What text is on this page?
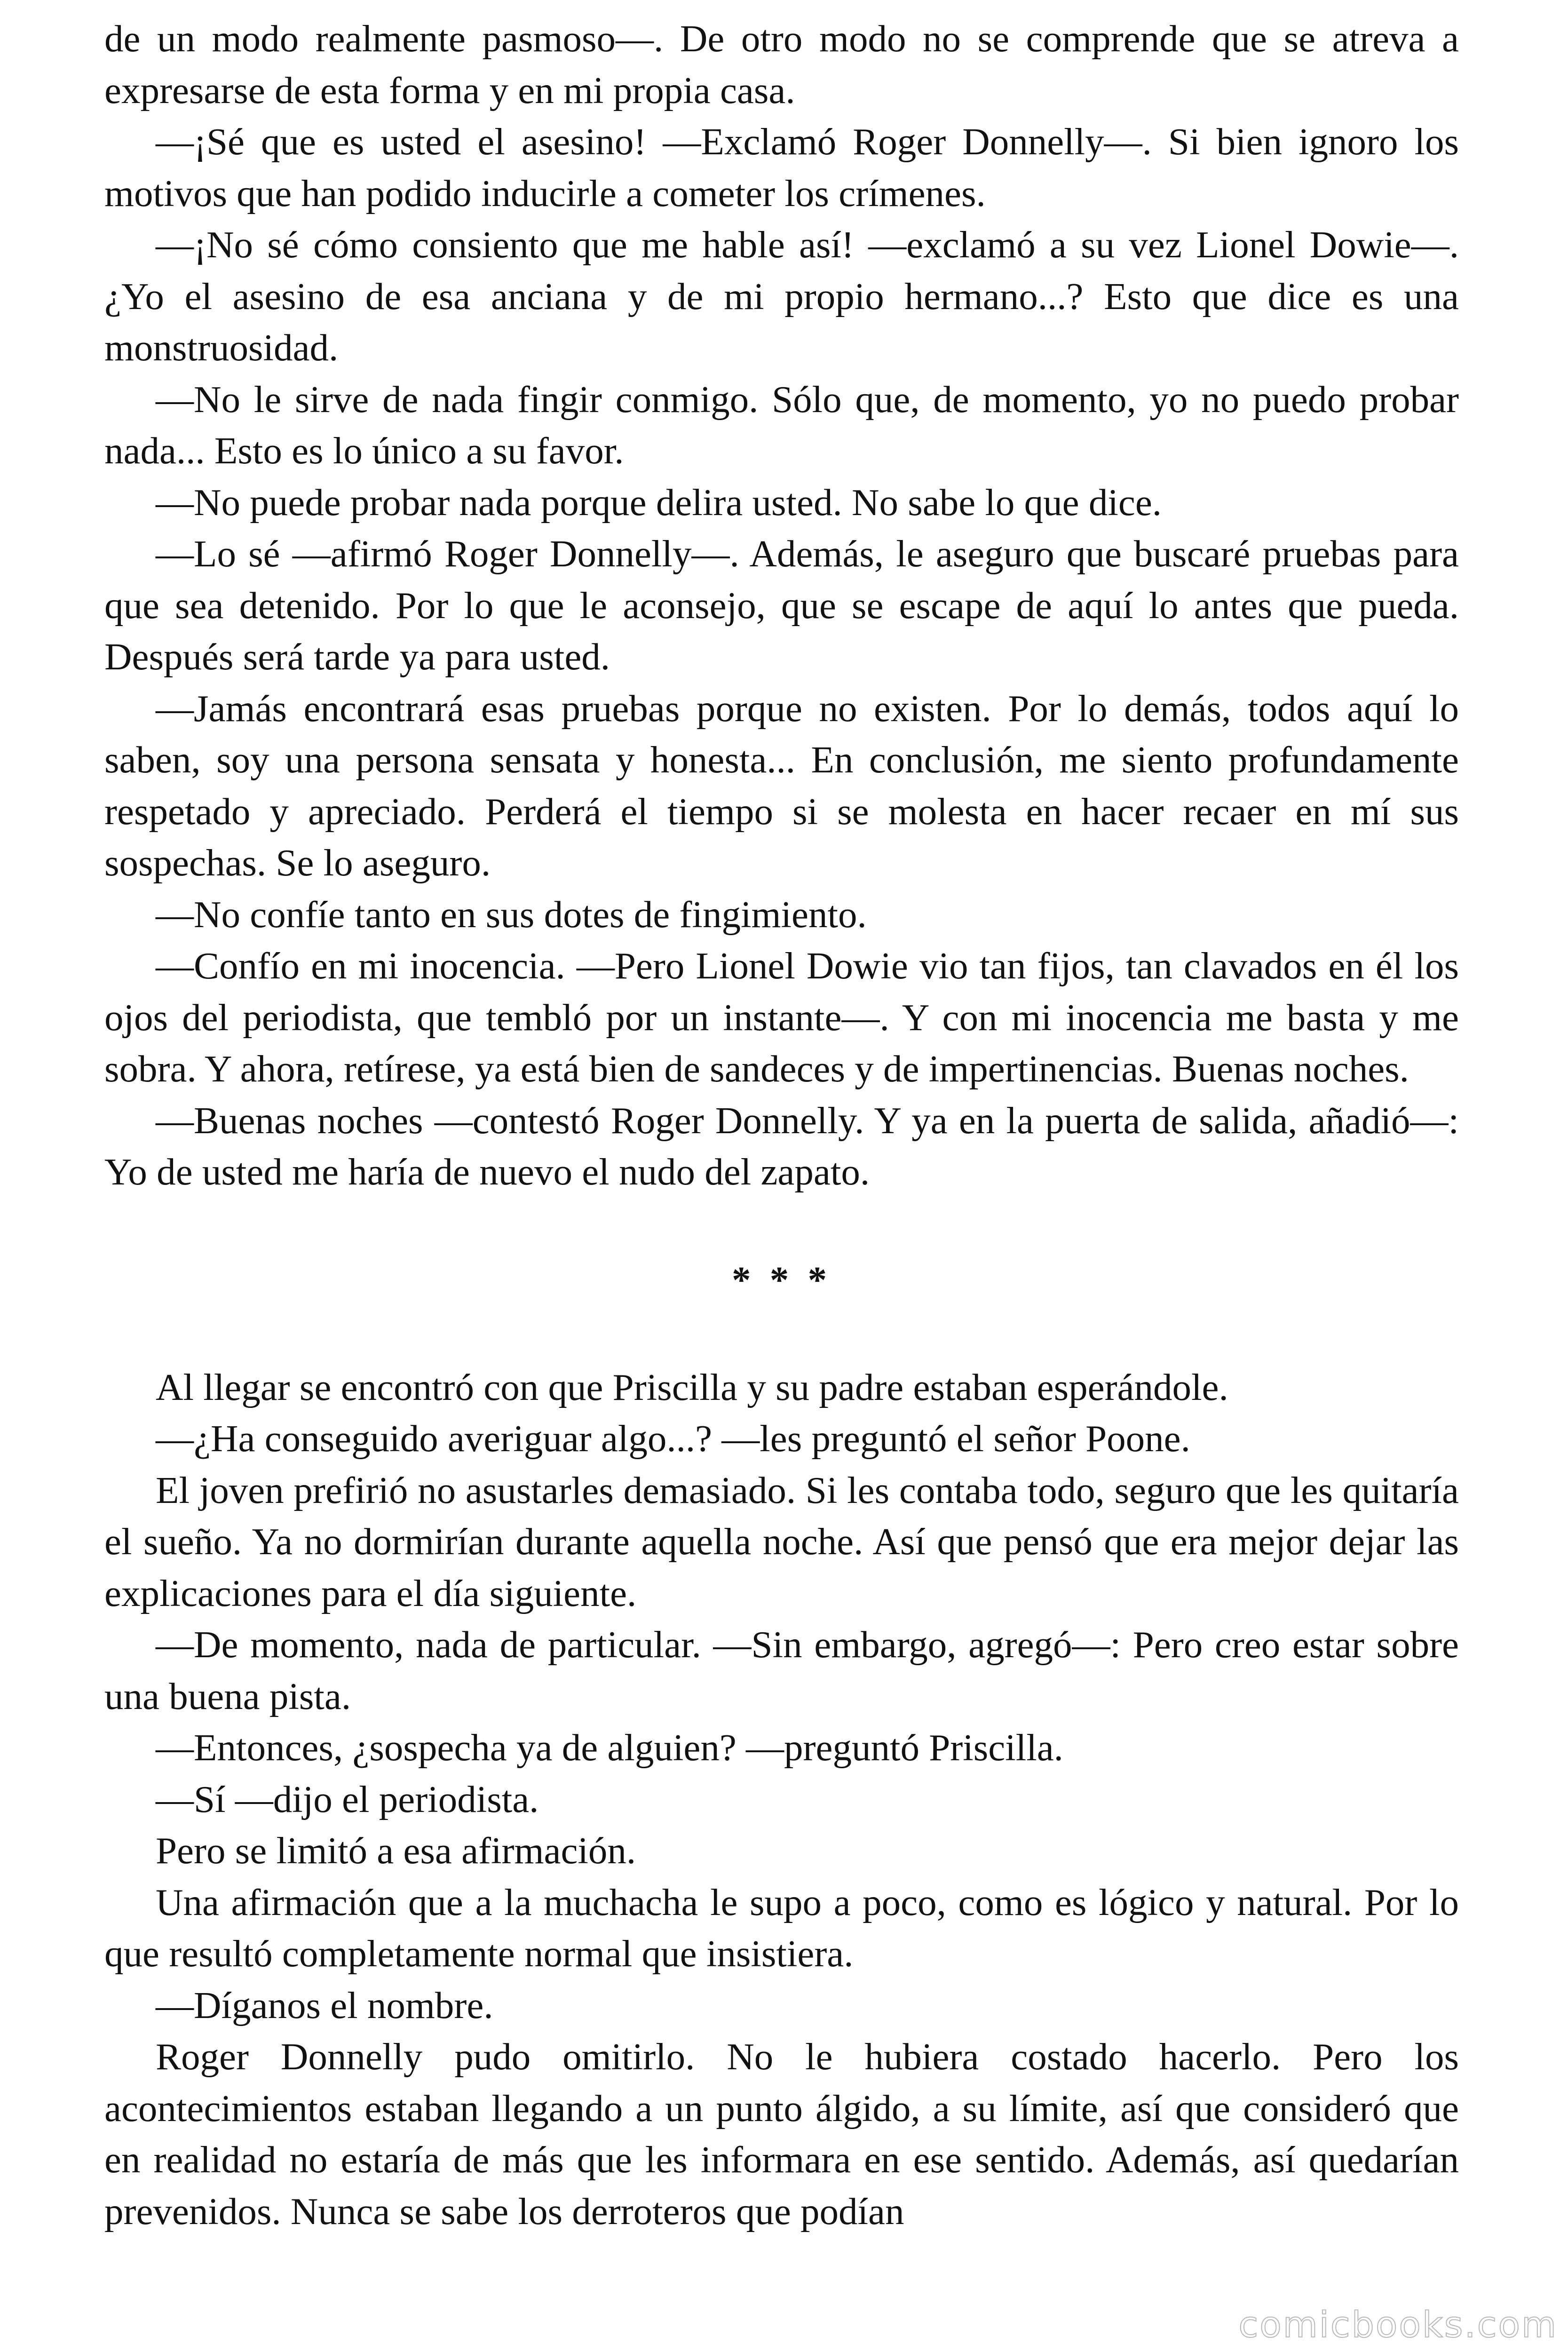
de un modo realmente pasmoso—. De otro modo no se comprende que se atreva a expresarse de esta forma y en mi propia casa.

—¡Sé que es usted el asesino! —Exclamó Roger Donnelly—. Si bien ignoro los motivos que han podido inducirle a cometer los crímenes.

—¡No sé cómo consiento que me hable así! —exclamó a su vez Lionel Dowie—. ¿Yo el asesino de esa anciana y de mi propio hermano...? Esto que dice es una monstruosidad.

—No le sirve de nada fingir conmigo. Sólo que, de momento, yo no puedo probar nada... Esto es lo único a su favor.

—No puede probar nada porque delira usted. No sabe lo que dice.

—Lo sé —afirmó Roger Donnelly—. Además, le aseguro que buscaré pruebas para que sea detenido. Por lo que le aconsejo, que se escape de aquí lo antes que pueda. Después será tarde ya para usted.

—Jamás encontrará esas pruebas porque no existen. Por lo demás, todos aquí lo saben, soy una persona sensata y honesta... En conclusión, me siento profundamente respetado y apreciado. Perderá el tiempo si se molesta en hacer recaer en mí sus sospechas. Se lo aseguro.

—No confíe tanto en sus dotes de fingimiento.

—Confío en mi inocencia. —Pero Lionel Dowie vio tan fijos, tan clavados en él los ojos del periodista, que tembló por un instante—. Y con mi inocencia me basta y me sobra. Y ahora, retírese, ya está bien de sandeces y de impertinencias. Buenas noches.

—Buenas noches —contestó Roger Donnelly. Y ya en la puerta de salida, añadió—: Yo de usted me haría de nuevo el nudo del zapato.

* * *

Al llegar se encontró con que Priscilla y su padre estaban esperándole.

—¿Ha conseguido averiguar algo...? —les preguntó el señor Poone.

El joven prefirió no asustarles demasiado. Si les contaba todo, seguro que les quitaría el sueño. Ya no dormirían durante aquella noche. Así que pensó que era mejor dejar las explicaciones para el día siguiente.

—De momento, nada de particular. —Sin embargo, agregó—: Pero creo estar sobre una buena pista.

—Entonces, ¿sospecha ya de alguien? —preguntó Priscilla.

—Sí —dijo el periodista.

Pero se limitó a esa afirmación.

Una afirmación que a la muchacha le supo a poco, como es lógico y natural. Por lo que resultó completamente normal que insistiera.

—Díganos el nombre.

Roger Donnelly pudo omitirlo. No le hubiera costado hacerlo. Pero los acontecimientos estaban llegando a un punto álgido, a su límite, así que consideró que en realidad no estaría de más que les informara en ese sentido. Además, así quedarían prevenidos. Nunca se sabe los derroteros que podían

comicbooks.com
